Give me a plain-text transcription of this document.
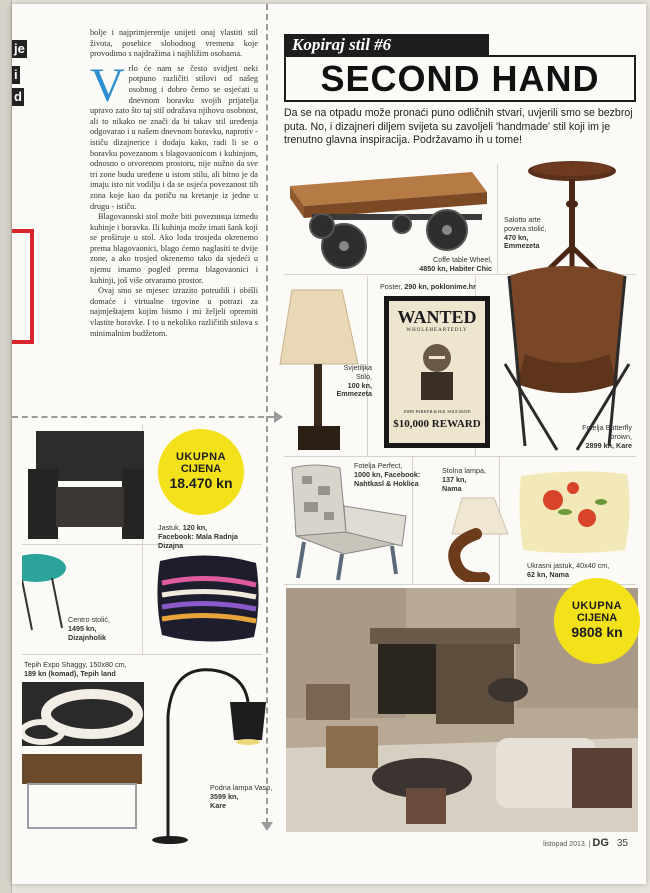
je
i
d

bolje i najprimjerenije unijeti onaj vlastiti stil života, posebice slobodnog vremena koje provodimo s najdražima i najbližim osobama.

Vrlo će nam se često svidjeti neki potpuno različiti stilovi od našeg osobnog i dobro čemo se osjećati u dnevnom boravku svojih prijatelja upravo zato što taj stil odražava njihovu osobnost, ali to nikako ne znači da bi takav stil uređenja odgovarao i u našem dnevnom boravku, naprotiv - ističu dizajnerice i dodaju kako, radi li se o boravku povezanom s blagovaonicom i kuhinjom, odnosno o otvorenom prostoru, nije nužno da sve tri zone budu uređene u istom stilu, ali bitno je da imaju isto nit vodilju i da se osjeća povezanost tih zona koje kao da potiču na kretanje iz jedne u drugu - ističu.

Blagovaonski stol može biti povezница između kuhinje i boravka. Ili kuhinja može imati šank koji se proširuje u stol. Ako loda trosjeda okrenemo prema blagovaonici, blago ćemo naglasiti te dvije zone, a ako trosjed okrenemo tako da sjedeći u njemu imamo pogled prema blagovaonici i kuhinji, još više otvaramo prostor.

Ovaj smo se mjesec izrazito potrudili i obišli domaće i virtualne trgovine u potrazi za najmještajem kojim bismo i mi željeli opremiti vlastite boravke. I to u nekoliko različitih stilova s minimalnim budžetom.

Kopiraj stil #6
SECOND HAND
Da se na otpadu može pronaći puno odličnih stvari, uvjerili smo se bezbroj puta. No, i dizajneri diljem svijeta su zavoljeli 'handmade' stil koji im je trenutno glavna inspiracija. Podržavamo ih u tome!
Coffe table Wheel,
4850 kn, Habiter Chic
Salotto arte povera stolić,
470 kn,
Emmezeta
Svjetiljka Stilo,
100 kn,
Emmezeta
Poster, 290 kn, poklonime.hr
WANTED
WHOLEHEARTEDLY
JOHN PARKER & H.R. SOULMATE
$10,000 REWARD	Fotelja Butterfly brown,
2899 kn, Kare
Fotelja Perfect,
1000 kn, Facebook:
Nahtkasl & Hoklica
Stolna lampa,
137 kn,
Nama
Ukrasni jastuk, 40x40 cm,
62 kn, Nama
Centro stolić,
1495 kn,
Dizajnholik
UKUPNA
CIJENA
18.470 kn
Jastuk, 120 kn,
Facebook: Mala Radnja Dizajna
Tepih Expo Shaggy, 150x80 cm,
189 kn (komad), Tepih land
Podna lampa Vaso,
3599 kn,
Kare
UKUPNA
CIJENA
9808 kn
listopad 2013. | DG 35
